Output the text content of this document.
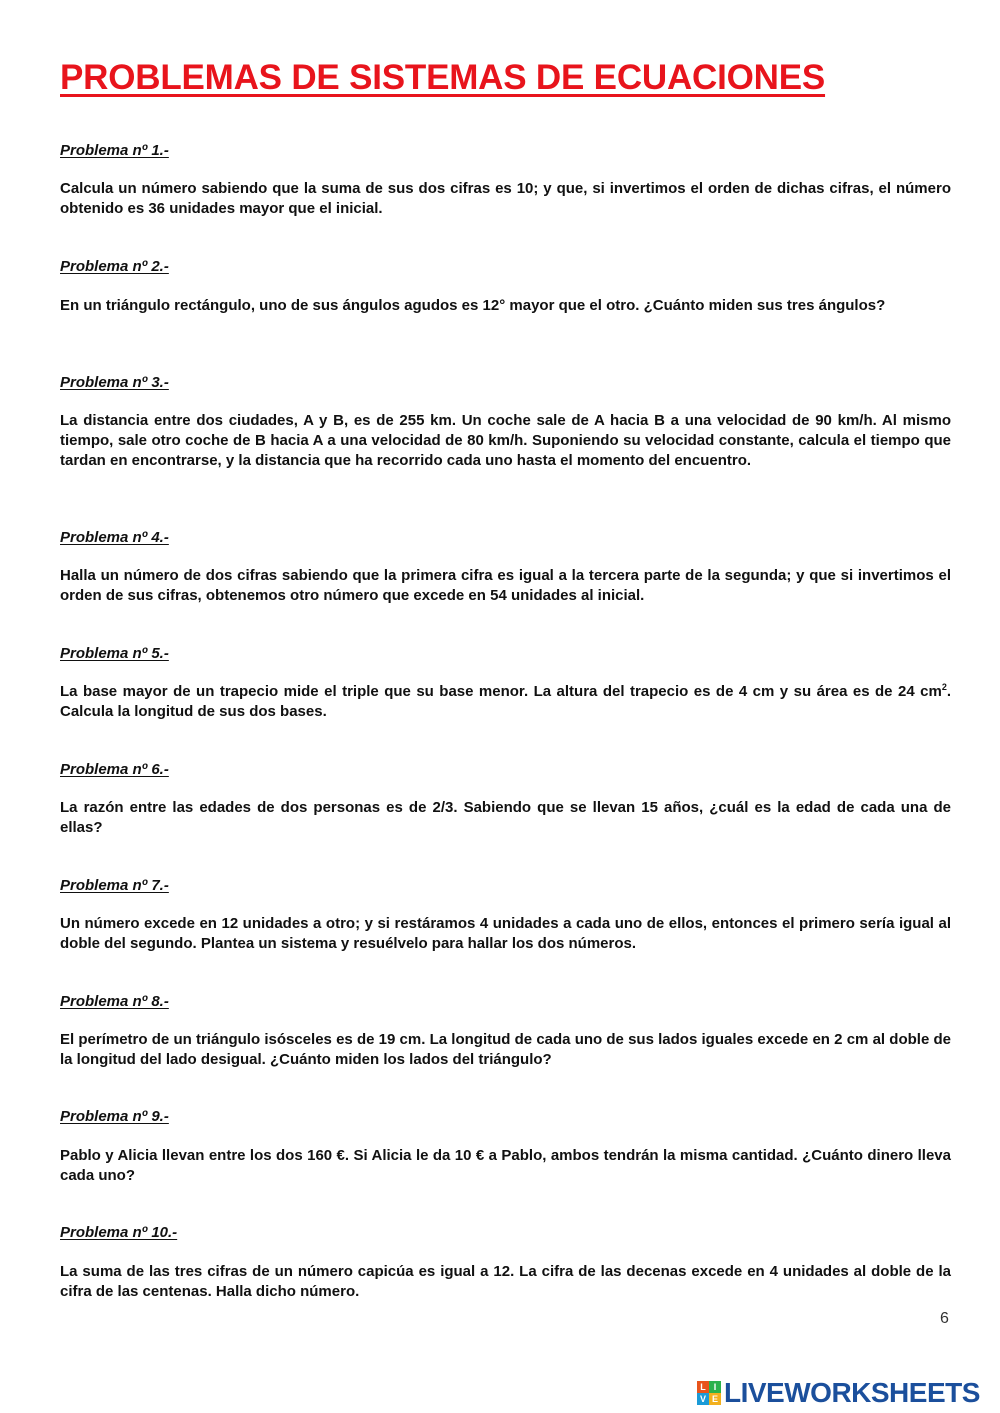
PROBLEMAS DE SISTEMAS DE ECUACIONES

Problema nº 1.-

Calcula un número sabiendo que la suma de sus dos cifras es 10; y que, si invertimos el orden de dichas cifras, el número obtenido es 36 unidades mayor que el inicial.

Problema nº 2.-

En un triángulo rectángulo, uno de sus ángulos agudos es 12° mayor que el otro. ¿Cuánto miden sus tres ángulos?

Problema nº 3.-

La distancia entre dos ciudades, A y B, es de 255 km. Un coche sale de A hacia B a una velocidad de 90 km/h. Al mismo tiempo, sale otro coche de B hacia A a una velocidad de 80 km/h. Suponiendo su velocidad constante, calcula el tiempo que tardan en encontrarse, y la distancia que ha recorrido cada uno hasta el momento del encuentro.

Problema nº 4.-

Halla un número de dos cifras sabiendo que la primera cifra es igual a la tercera parte de la segunda; y que si invertimos el orden de sus cifras, obtenemos otro número que excede en 54 unidades al inicial.

Problema nº 5.-

La base mayor de un trapecio mide el triple que su base menor. La altura del trapecio es de 4 cm y su área es de 24 $cm^2$. Calcula la longitud de sus dos bases.

Problema nº 6.-

La razón entre las edades de dos personas es de 2/3. Sabiendo que se llevan 15 años, ¿cuál es la edad de cada una de ellas?

Problema nº 7.-

Un número excede en 12 unidades a otro; y si restáramos 4 unidades a cada uno de ellos, entonces el primero sería igual al doble del segundo. Plantea un sistema y resuélvelo para hallar los dos números.

Problema nº 8.-

El perímetro de un triángulo isósceles es de 19 cm. La longitud de cada uno de sus lados iguales excede en 2 cm al doble de la longitud del lado desigual. ¿Cuánto miden los lados del triángulo?

Problema nº 9.-

Pablo y Alicia llevan entre los dos 160 €. Si Alicia le da 10 € a Pablo, ambos tendrán la misma cantidad. ¿Cuánto dinero lleva cada uno?

Problema nº 10.-

La suma de las tres cifras de un número capicúa es igual a 12. La cifra de las decenas excede en 4 unidades al doble de la cifra de las centenas. Halla dicho número.

6
L I
V E LIVEWORKSHEETS
